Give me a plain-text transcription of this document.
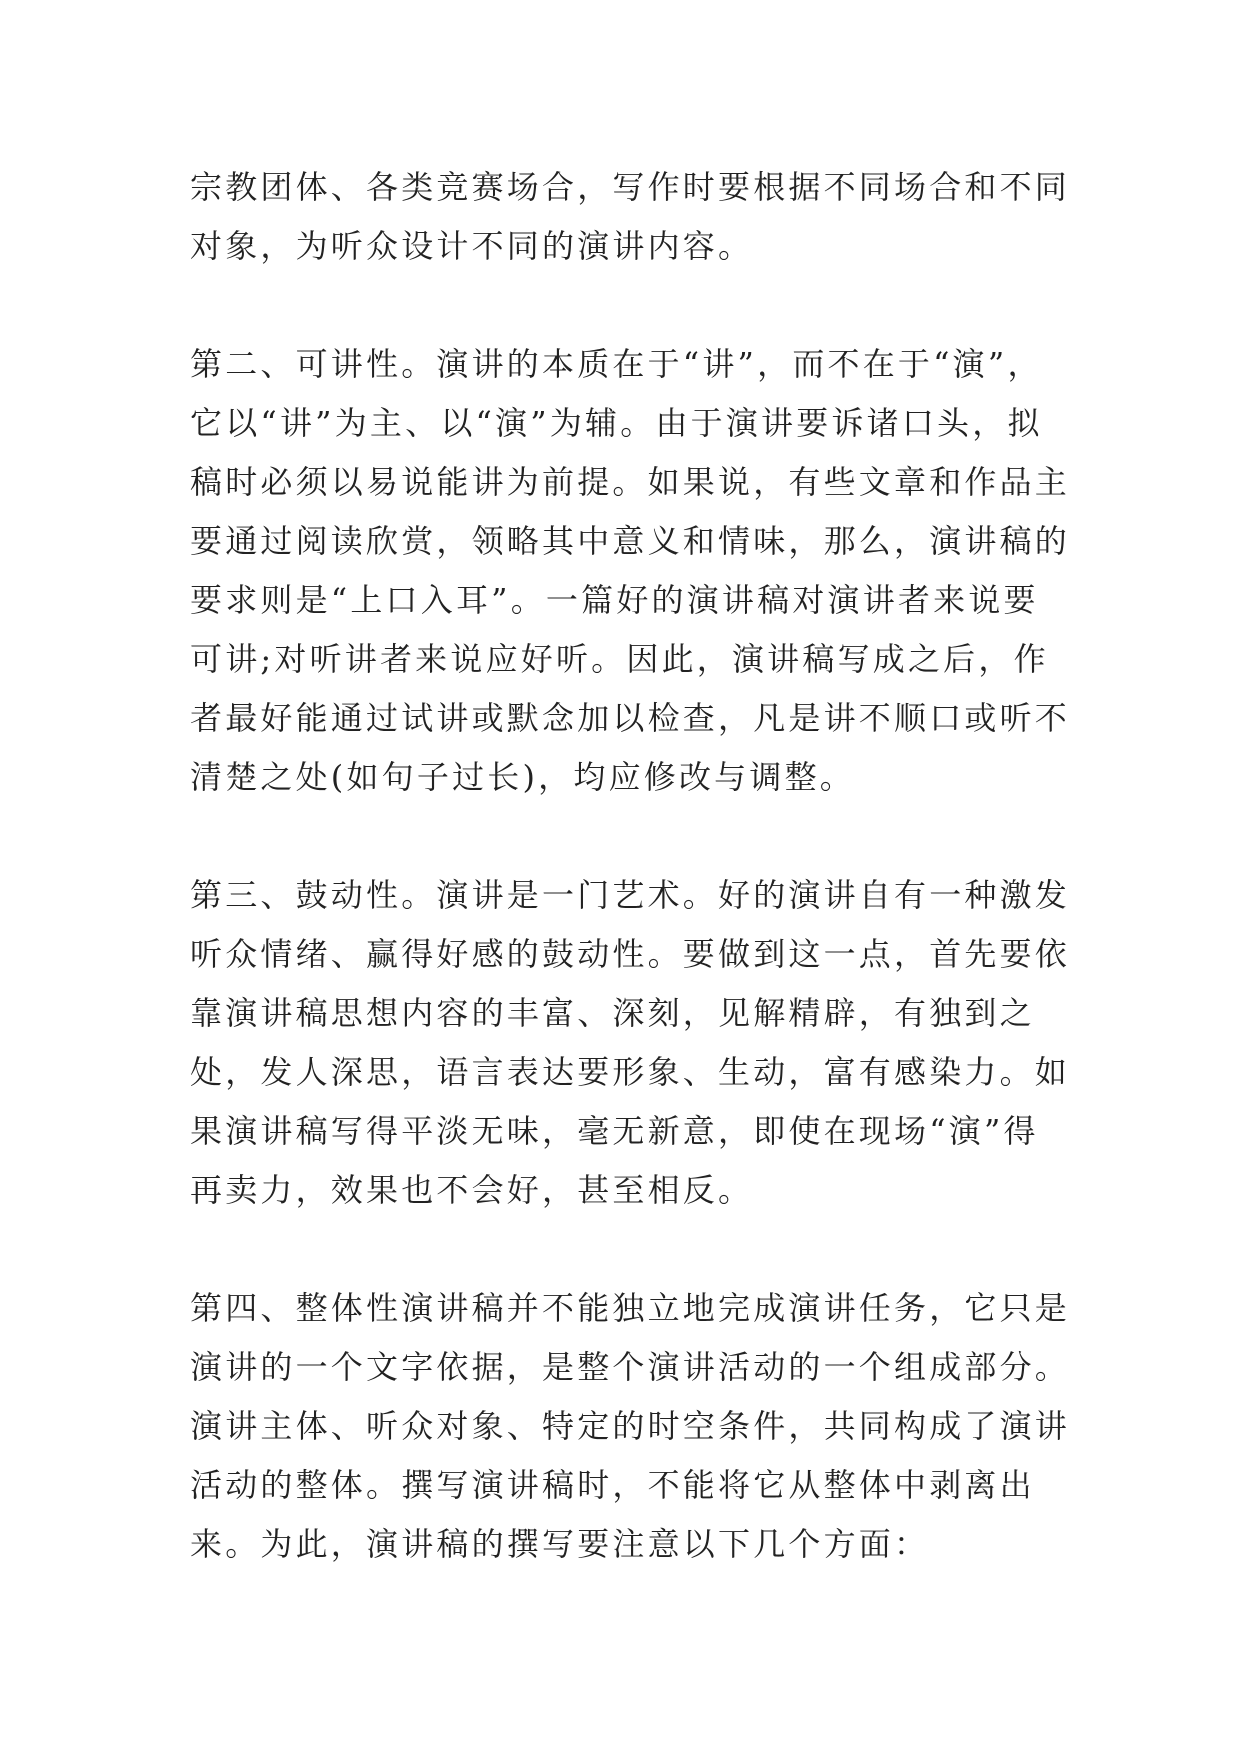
宗教团体、各类竞赛场合，写作时要根据不同场合和不同对象，为听众设计不同的演讲内容。

第二、可讲性。演讲的本质在于“讲”，而不在于“演”，它以“讲”为主、以“演”为辅。由于演讲要诉诸口头，拟稿时必须以易说能讲为前提。如果说，有些文章和作品主要通过阅读欣赏，领略其中意义和情味，那么，演讲稿的要求则是“上口入耳”。一篇好的演讲稿对演讲者来说要可讲;对听讲者来说应好听。因此，演讲稿写成之后，作者最好能通过试讲或默念加以检查，凡是讲不顺口或听不清楚之处(如句子过长)，均应修改与调整。

第三、鼓动性。演讲是一门艺术。好的演讲自有一种激发听众情绪、赢得好感的鼓动性。要做到这一点，首先要依靠演讲稿思想内容的丰富、深刻，见解精辟，有独到之处，发人深思，语言表达要形象、生动，富有感染力。如果演讲稿写得平淡无味，毫无新意，即使在现场“演”得再卖力，效果也不会好，甚至相反。

第四、整体性演讲稿并不能独立地完成演讲任务，它只是演讲的一个文字依据，是整个演讲活动的一个组成部分。演讲主体、听众对象、特定的时空条件，共同构成了演讲活动的整体。撰写演讲稿时，不能将它从整体中剥离出来。为此，演讲稿的撰写要注意以下几个方面：
